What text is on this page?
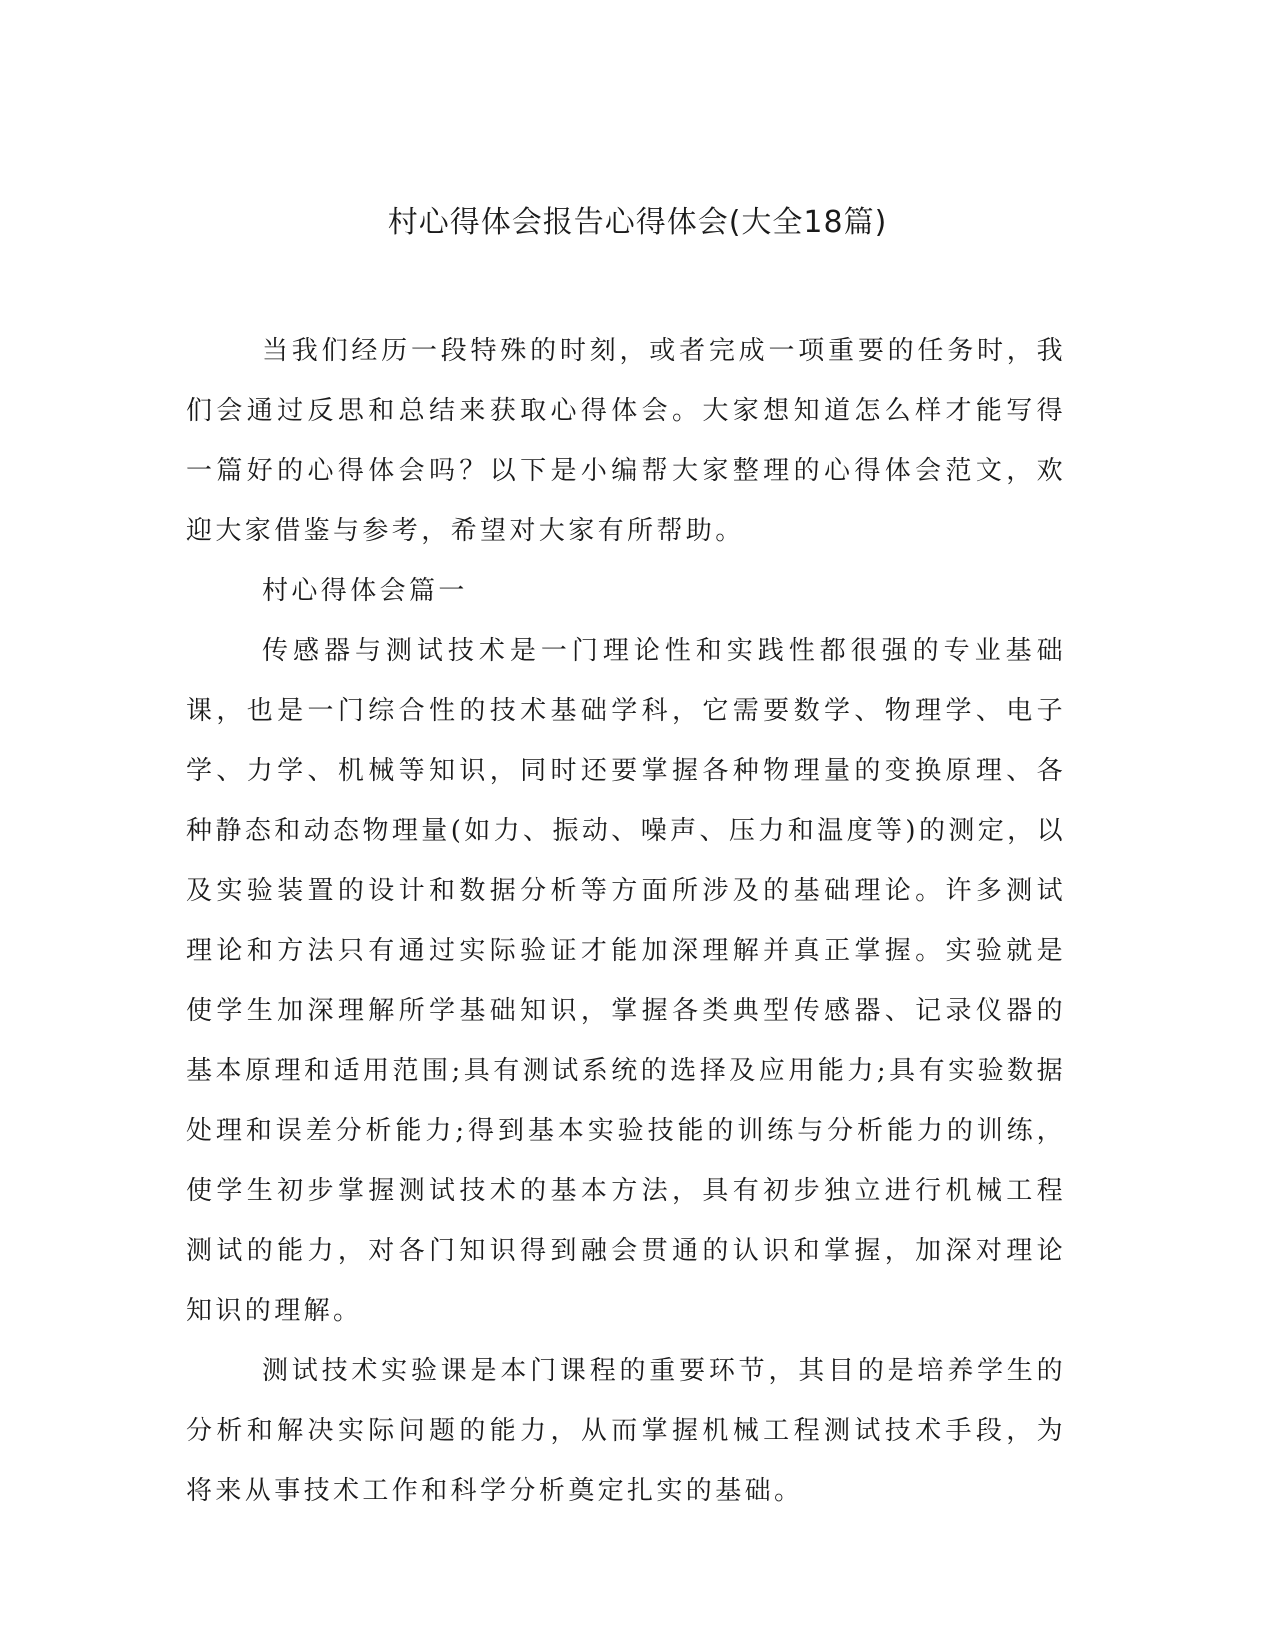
村心得体会报告心得体会(大全18篇)

当我们经历一段特殊的时刻，或者完成一项重要的任务时，我们会通过反思和总结来获取心得体会。大家想知道怎么样才能写得一篇好的心得体会吗？以下是小编帮大家整理的心得体会范文，欢迎大家借鉴与参考，希望对大家有所帮助。

村心得体会篇一

传感器与测试技术是一门理论性和实践性都很强的专业基础课，也是一门综合性的技术基础学科，它需要数学、物理学、电子学、力学、机械等知识，同时还要掌握各种物理量的变换原理、各种静态和动态物理量(如力、振动、噪声、压力和温度等)的测定，以及实验装置的设计和数据分析等方面所涉及的基础理论。许多测试理论和方法只有通过实际验证才能加深理解并真正掌握。实验就是使学生加深理解所学基础知识，掌握各类典型传感器、记录仪器的基本原理和适用范围;具有测试系统的选择及应用能力;具有实验数据处理和误差分析能力;得到基本实验技能的训练与分析能力的训练，使学生初步掌握测试技术的基本方法，具有初步独立进行机械工程测试的能力，对各门知识得到融会贯通的认识和掌握，加深对理论知识的理解。

测试技术实验课是本门课程的重要环节，其目的是培养学生的分析和解决实际问题的能力，从而掌握机械工程测试技术手段，为将来从事技术工作和科学分析奠定扎实的基础。
